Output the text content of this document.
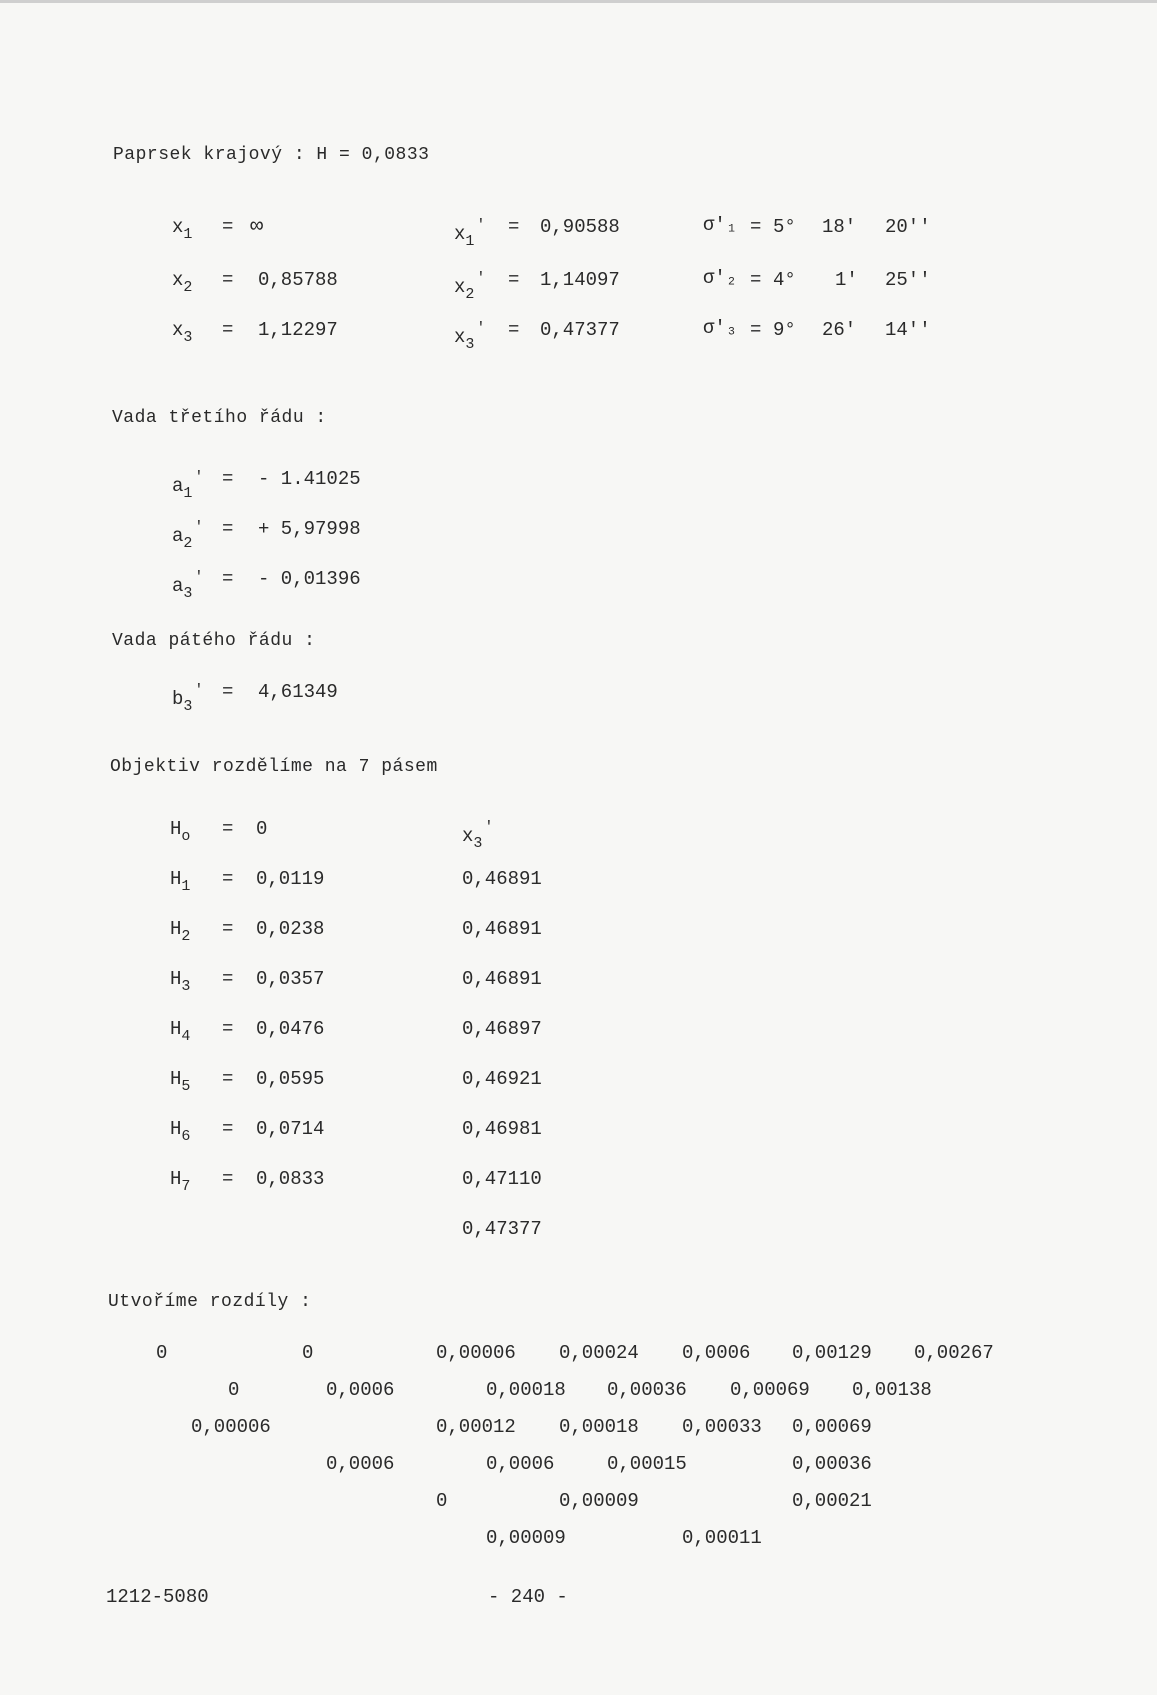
Paprsek krajový : H = 0,0833
$x_1$ = ∞	$x_1' = 0,90588$	σ'₁ = 5° 18' 20''
$x_2 = 0,85788$	$x_2' = 1,14097$	σ'₂ = 4° 1' 25''
$x_3 = 1,12297$	$x_3' = 0,47377$	σ'₃ = 9° 26' 14''
Vada třetího řádu :
$a_1'$ = - 1.41025
$a_2'$ = + 5,97998
$a_3'$ = - 0,01396
Vada pátého řádu :
$b_3' = 4,61349$
Objektiv rozdělíme na 7 pásem
$x_3'$
$H_o = 0$
$H_1 = 0,0119$	0,46891
$H_2 = 0,0238$	0,46891
$H_3 = 0,0357$	0,46891
$H_4 = 0,0476$	0,46897
$H_5 = 0,0595$	0,46921
$H_6 = 0,0714$	0,46981
$H_7 = 0,0833$	0,47110
0,47377
Utvoříme rozdíly :
0	0	0,00006 0,00024 0,0006 0,00129 0,00267
0	0,0006	0,00018 0,00036 0,00069 0,00138
0,00006	0,00012 0,00018 0,00033 0,00069
0,0006	0,0006	0,00015	0,00036
0	0,00009	0,00021
0,00009	0,00011
1212-5080	- 240 -
